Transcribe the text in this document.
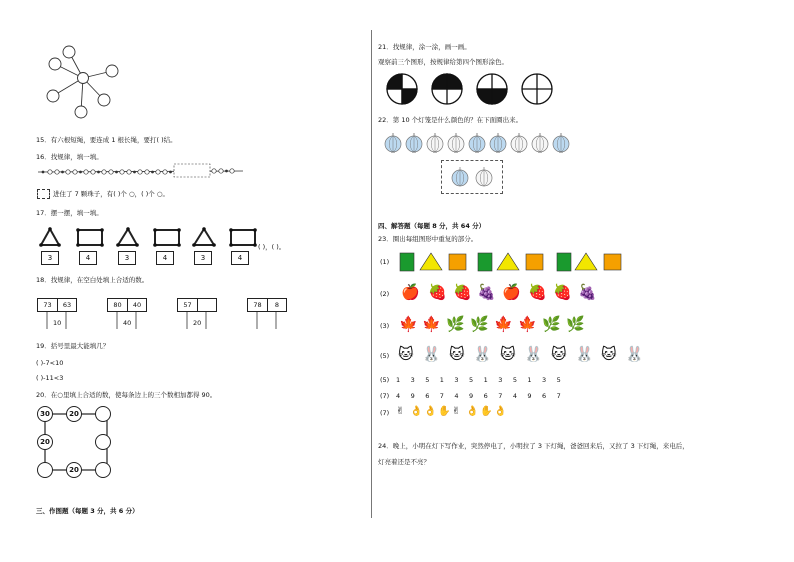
15．有六根短绳，要连成 1 根长绳，要打( )结。
16．找规律，填一填。
进住了 7 颗珠子，有( )个 ○，( )个 ○。
17．摆一摆，填一填。
3	4	3	4	3	4
( )，( )。
18．找规律，在空白处填上合适的数。
73	63
10
80	40
40
57
20
78	8
19．括号里最大能填几？
( )-7<10
( )-11<3
20．在○里填上合适的数，使每条边上的三个数相加都得 90。
30	20
20
20
三、作图题（每题 3 分，共 6 分）
21．找规律，涂一涂，画一画。
观察前三个图形，按规律给第四个图形涂色。
22．第 10 个灯笼是什么颜色的？在下面圈出来。
四、解答题（每题 8 分，共 64 分）
23．圈出每组图形中重复的部分。
(1)
(2) 🍎 🍓 🍓 🍇 🍎 🍓 🍓 🍇
(3) 🍁 🍁 🌿 🌿 🍁 🍁 🌿 🌿
(5) 🐱 🐰 🐱 🐰 🐱 🐰 🐱 🐰 🐱 🐰
(5) 1 3 5 1 3 5 1 3 5 1 3 5
(7) 4 9 6 7 4 9 6 7 4 9 6 7
(7) ✌ 👌 👌 ✋ ✌ 👌 ✋ 👌
24．晚上，小明在灯下写作业，突然停电了，小明拉了 3 下灯绳，爸爸回来后，又拉了 3 下灯绳，来电后，
灯亮着还是不亮？
